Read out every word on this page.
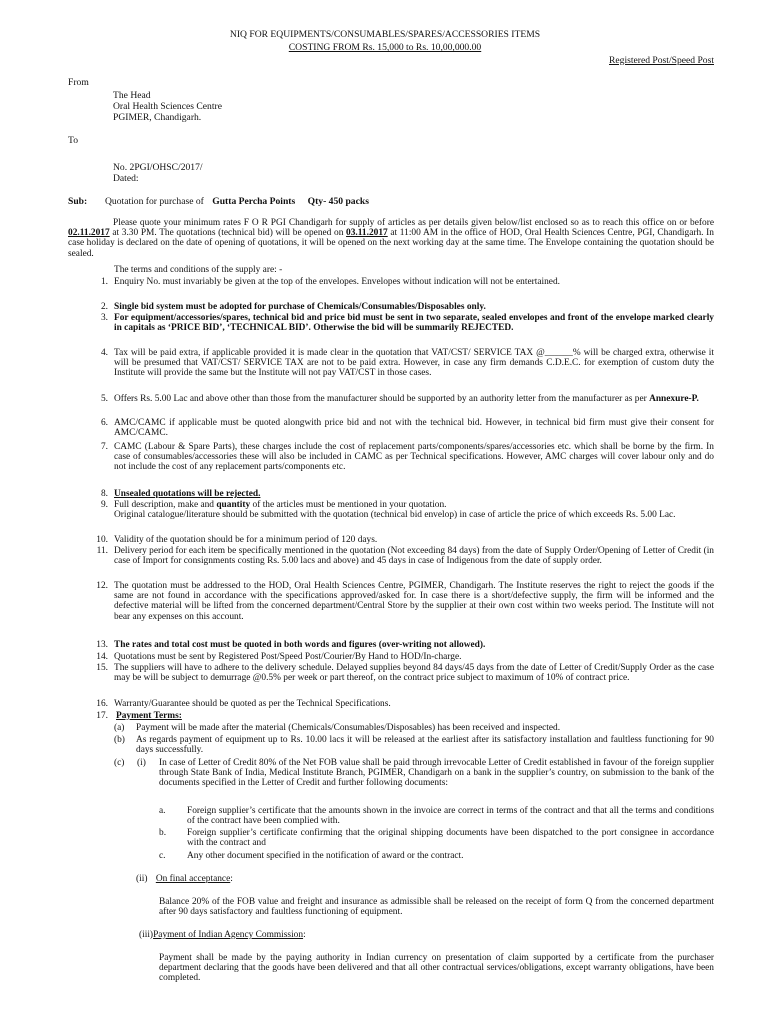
NIQ FOR EQUIPMENTS/CONSUMABLES/SPARES/ACCESSORIES ITEMS
COSTING FROM Rs. 15,000 to Rs. 10,00,000.00
Registered Post/Speed Post
From
The Head
Oral Health Sciences Centre
PGIMER, Chandigarh.
To
No. 2PGI/OHSC/2017/
Dated:
Sub: Quotation for purchase of Gutta Percha Points Qty- 450 packs
Please quote your minimum rates F O R PGI Chandigarh for supply of articles as per details given below/list enclosed so as to reach this office on or before 02.11.2017 at 3.30 PM. The quotations (technical bid) will be opened on 03.11.2017 at 11:00 AM in the office of HOD, Oral Health Sciences Centre, PGI, Chandigarh. In case holiday is declared on the date of opening of quotations, it will be opened on the next working day at the same time. The Envelope containing the quotation should be sealed.
The terms and conditions of the supply are: -
1. Enquiry No. must invariably be given at the top of the envelopes. Envelopes without indication will not be entertained.
2. Single bid system must be adopted for purchase of Chemicals/Consumables/Disposables only.
3. For equipment/accessories/spares, technical bid and price bid must be sent in two separate, sealed envelopes and front of the envelope marked clearly in capitals as ‘PRICE BID’, ‘TECHNICAL BID’. Otherwise the bid will be summarily REJECTED.
4. Tax will be paid extra, if applicable provided it is made clear in the quotation that VAT/CST/ SERVICE TAX @______% will be charged extra, otherwise it will be presumed that VAT/CST/ SERVICE TAX are not to be paid extra. However, in case any firm demands C.D.E.C. for exemption of custom duty the Institute will provide the same but the Institute will not pay VAT/CST in those cases.
5. Offers Rs. 5.00 Lac and above other than those from the manufacturer should be supported by an authority letter from the manufacturer as per Annexure-P.
6. AMC/CAMC if applicable must be quoted alongwith price bid and not with the technical bid. However, in technical bid firm must give their consent for AMC/CAMC.
7. CAMC (Labour & Spare Parts), these charges include the cost of replacement parts/components/spares/accessories etc. which shall be borne by the firm. In case of consumables/accessories these will also be included in CAMC as per Technical specifications. However, AMC charges will cover labour only and do not include the cost of any replacement parts/components etc.
8. Unsealed quotations will be rejected.
9. Full description, make and quantity of the articles must be mentioned in your quotation.
Original catalogue/literature should be submitted with the quotation (technical bid envelop) in case of article the price of which exceeds Rs. 5.00 Lac.
10. Validity of the quotation should be for a minimum period of 120 days.
11. Delivery period for each item be specifically mentioned in the quotation (Not exceeding 84 days) from the date of Supply Order/Opening of Letter of Credit (in case of Import for consignments costing Rs. 5.00 lacs and above) and 45 days in case of Indigenous from the date of supply order.
12. The quotation must be addressed to the HOD, Oral Health Sciences Centre, PGIMER, Chandigarh. The Institute reserves the right to reject the goods if the same are not found in accordance with the specifications approved/asked for. In case there is a short/defective supply, the firm will be informed and the defective material will be lifted from the concerned department/Central Store by the supplier at their own cost within two weeks period. The Institute will not bear any expenses on this account.
13. The rates and total cost must be quoted in both words and figures (over-writing not allowed).
14. Quotations must be sent by Registered Post/Speed Post/Courier/By Hand to HOD/In-charge.
15. The suppliers will have to adhere to the delivery schedule. Delayed supplies beyond 84 days/45 days from the date of Letter of Credit/Supply Order as the case may be will be subject to demurrage @0.5% per week or part thereof, on the contract price subject to maximum of 10% of contract price.
16. Warranty/Guarantee should be quoted as per the Technical Specifications.
17. Payment Terms:
(a)	Payment will be made after the material (Chemicals/Consumables/Disposables) has been received and inspected.
(b)	As regards payment of equipment up to Rs. 10.00 lacs it will be released at the earliest after its satisfactory installation and faultless functioning for 90 days successfully.
(c)	(i)	In case of Letter of Credit 80% of the Net FOB value shall be paid through irrevocable Letter of Credit established in favour of the foreign supplier through State Bank of India, Medical Institute Branch, PGIMER, Chandigarh on a bank in the supplier’s country, on submission to the bank of the documents specified in the Letter of Credit and further following documents:
a.	Foreign supplier’s certificate that the amounts shown in the invoice are correct in terms of the contract and that all the terms and conditions of the contract have been complied with.
b.	Foreign supplier’s certificate confirming that the original shipping documents have been dispatched to the port consignee in accordance with the contract and
c.	Any other document specified in the notification of award or the contract.
(ii) On final acceptance:
Balance 20% of the FOB value and freight and insurance as admissible shall be released on the receipt of form Q from the concerned department after 90 days satisfactory and faultless functioning of equipment.
(iii)Payment of Indian Agency Commission:
Payment shall be made by the paying authority in Indian currency on presentation of claim supported by a certificate from the purchaser department declaring that the goods have been delivered and that all other contractual services/obligations, except warranty obligations, have been completed.
